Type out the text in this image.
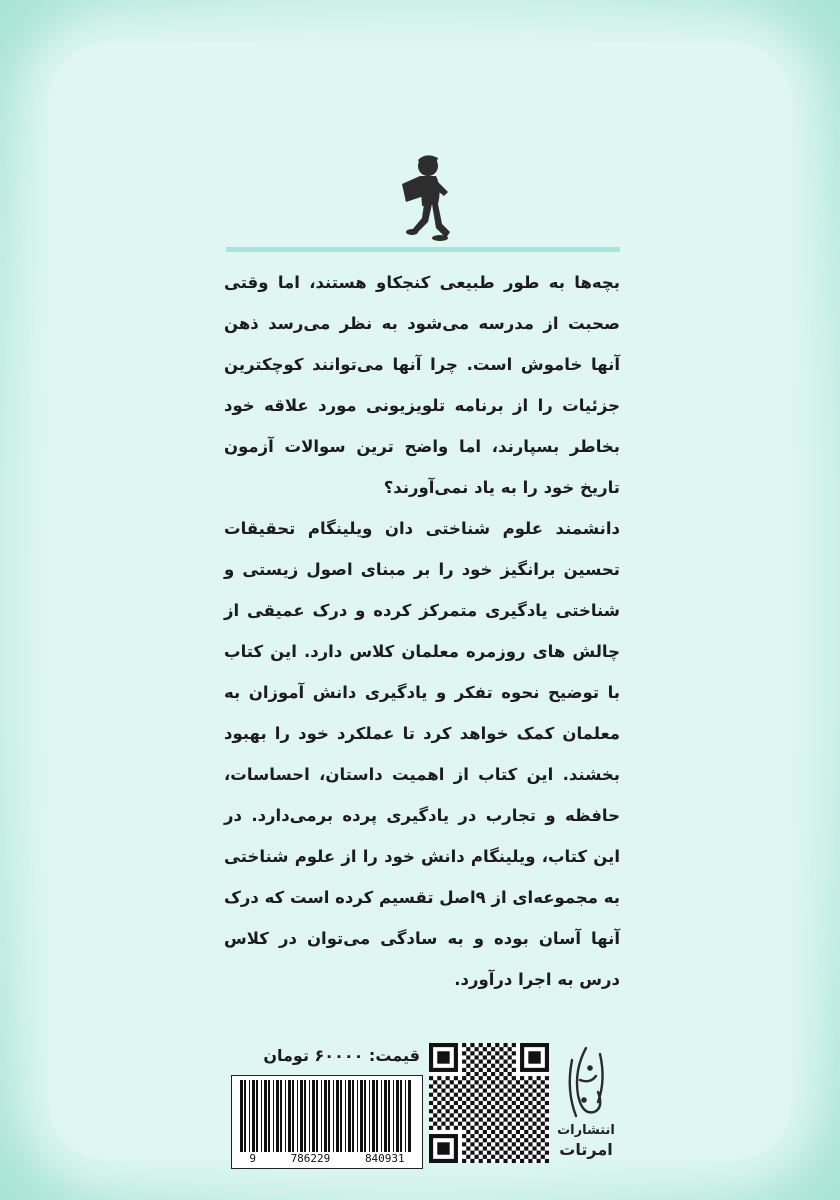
بچه‌ها به طور طبیعی کنجکاو هستند، اما وقتی صحبت از مدرسه می‌شود به نظر می‌رسد ذهن آنها خاموش است. چرا آنها می‌توانند کوچکترین جزئیات را از برنامه تلویزیونی مورد علاقه خود بخاطر بسپارند، اما واضح ترین سوالات آزمون تاریخ خود را به یاد نمی‌آورند؟

دانشمند علوم شناختی دان ویلینگام تحقیقات تحسین برانگیز خود را بر مبنای اصول زیستی و شناختی یادگیری متمرکز کرده و درک عمیقی از چالش های روزمره معلمان کلاس دارد. این کتاب با توضیح نحوه تفکر و یادگیری دانش آموزان به معلمان کمک خواهد کرد تا عملکرد خود را بهبود بخشند. این کتاب از اهمیت داستان، احساسات، حافظه و تجارب در یادگیری پرده برمی‌دارد. در این کتاب، ویلینگام دانش خود را از علوم شناختی به مجموعه‌ای از ۹اصل تقسیم کرده است که درک آنها آسان بوده و به سادگی می‌توان در کلاس درس به اجرا درآورد.

قیمت: ۶۰۰۰۰ تومان
9	786229	840931
انتشارات
امرتات
